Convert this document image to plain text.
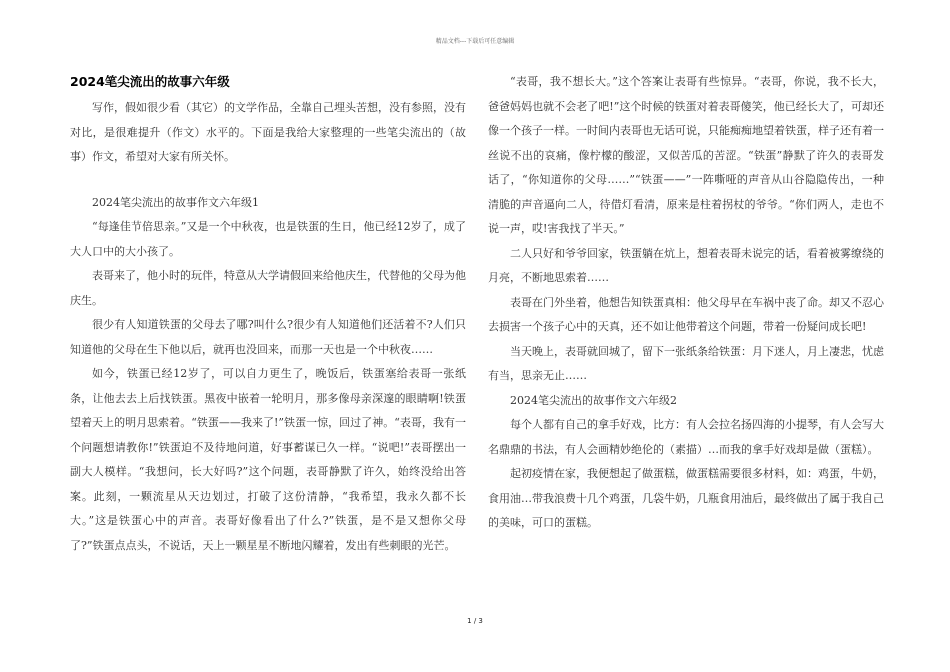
精品文档---下载后可任意编辑
2024笔尖流出的故事六年级

写作，假如很少看（其它）的文学作品，全靠自己埋头苦想，没有参照，没有对比，是很难提升（作文）水平的。下面是我给大家整理的一些笔尖流出的（故事）作文，希望对大家有所关怀。

2024笔尖流出的故事作文六年级1

“每逢佳节倍思亲。”又是一个中秋夜，也是铁蛋的生日，他已经12岁了，成了大人口中的大小孩了。

表哥来了，他小时的玩伴，特意从大学请假回来给他庆生，代替他的父母为他庆生。

很少有人知道铁蛋的父母去了哪?叫什么?很少有人知道他们还活着不?人们只知道他的父母在生下他以后，就再也没回来，而那一天也是一个中秋夜……

如今，铁蛋已经12岁了，可以自力更生了，晚饭后，铁蛋塞给表哥一张纸条，让他去去上后找铁蛋。黑夜中嵌着一轮明月，那多像母亲深邃的眼睛啊!铁蛋望着天上的明月思索着。“铁蛋——我来了!”铁蛋一惊，回过了神。“表哥，我有一个问题想请教你!”铁蛋迫不及待地问道，好事蓄谋已久一样。“说吧!”表哥摆出一副大人模样。“我想问，长大好吗?”这个问题，表哥静默了许久，始终没给出答案。此刻，一颗流星从天边划过，打破了这份清静，“我希望，我永久都不长大。”这是铁蛋心中的声音。表哥好像看出了什么?”铁蛋，是不是又想你父母了?”铁蛋点点头，不说话，天上一颗星星不断地闪耀着，发出有些刺眼的光芒。

“表哥，我不想长大。”这个答案让表哥有些惊异。“表哥，你说，我不长大，爸爸妈妈也就不会老了吧!”这个时候的铁蛋对着表哥傻笑，他已经长大了，可却还像一个孩子一样。一时间内表哥也无话可说，只能痴痴地望着铁蛋，样子还有着一丝说不出的哀痛，像柠檬的酸涩，又似苦瓜的苦涩。“铁蛋”静默了许久的表哥发话了，“你知道你的父母……”“铁蛋——”一阵嘶哑的声音从山谷隐隐传出，一种清脆的声音逼向二人，待借灯看清，原来是柱着拐杖的爷爷。“你们两人，走也不说一声，哎!害我找了半天。”

二人只好和爷爷回家，铁蛋躺在炕上，想着表哥未说完的话，看着被雾缭绕的月亮，不断地思索着……

表哥在门外坐着，他想告知铁蛋真相：他父母早在车祸中丧了命。却又不忍心去损害一个孩子心中的天真，还不如让他带着这个问题，带着一份疑问成长吧!

当天晚上，表哥就回城了，留下一张纸条给铁蛋：月下迷人，月上凄悲，忧虑有当，思亲无止……

2024笔尖流出的故事作文六年级2

每个人都有自己的拿手好戏，比方：有人会拉名扬四海的小提琴，有人会写大名鼎鼎的书法，有人会画精妙绝伦的（素描）…而我的拿手好戏却是做（蛋糕）。

起初疫情在家，我便想起了做蛋糕，做蛋糕需要很多材料，如：鸡蛋，牛奶，食用油…带我浪费十几个鸡蛋，几袋牛奶，几瓶食用油后，最终做出了属于我自己的美味，可口的蛋糕。

1 / 3
